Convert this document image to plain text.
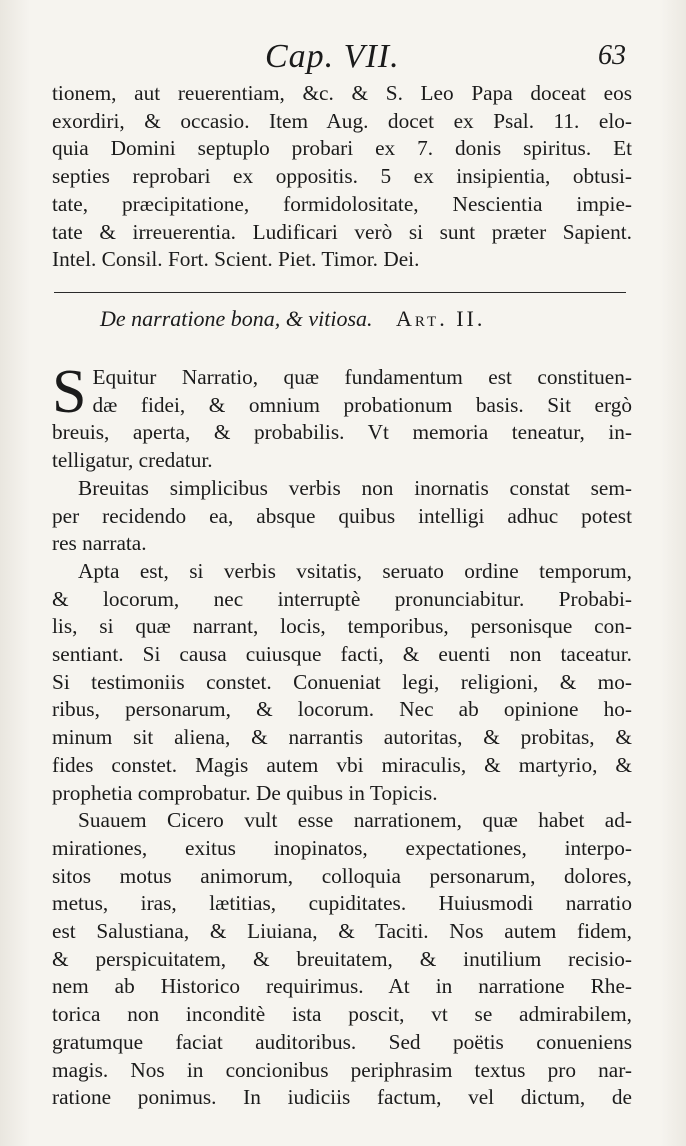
Cap. VII.	63
tionem, aut reuerentiam, &c. & S. Leo Papa doceat eos
exordiri, & occasio. Item Aug. docet ex Psal. 11. elo-
quia Domini septuplo probari ex 7. donis spiritus. Et
septies reprobari ex oppositis. 5 ex insipientia, obtusi-
tate, præcipitatione, formidolositate, Nescientia impie-
tate & irreuerentia. Ludificari verò si sunt præter Sapient.
Intel. Consil. Fort. Scient. Piet. Timor. Dei.
De narratione bona, & vitiosa. Art. II.
S Equitur Narratio, quæ fundamentum est constituen-
dæ fidei, & omnium probationum basis. Sit ergò
breuis, aperta, & probabilis. Vt memoria teneatur, in-
telligatur, credatur.
Breuitas simplicibus verbis non inornatis constat sem-
per recidendo ea, absque quibus intelligi adhuc potest
res narrata.
Apta est, si verbis vsitatis, seruato ordine temporum,
& locorum, nec interruptè pronunciabitur. Probabi-
lis, si quæ narrant, locis, temporibus, personisque con-
sentiant. Si causa cuiusque facti, & euenti non taceatur.
Si testimoniis constet. Conueniat legi, religioni, & mo-
ribus, personarum, & locorum. Nec ab opinione ho-
minum sit aliena, & narrantis autoritas, & probitas, &
fides constet. Magis autem vbi miraculis, & martyrio, &
prophetia comprobatur. De quibus in Topicis.
Suauem Cicero vult esse narrationem, quæ habet ad-
mirationes, exitus inopinatos, expectationes, interpo-
sitos motus animorum, colloquia personarum, dolores,
metus, iras, lætitias, cupiditates. Huiusmodi narratio
est Salustiana, & Liuiana, & Taciti. Nos autem fidem,
& perspicuitatem, & breuitatem, & inutilium recisio-
nem ab Historico requirimus. At in narratione Rhe-
torica non inconditè ista poscit, vt se admirabilem,
gratumque faciat auditoribus. Sed poëtis conueniens
magis. Nos in concionibus periphrasim textus pro nar-
ratione ponimus. In iudiciis factum, vel dictum, de
